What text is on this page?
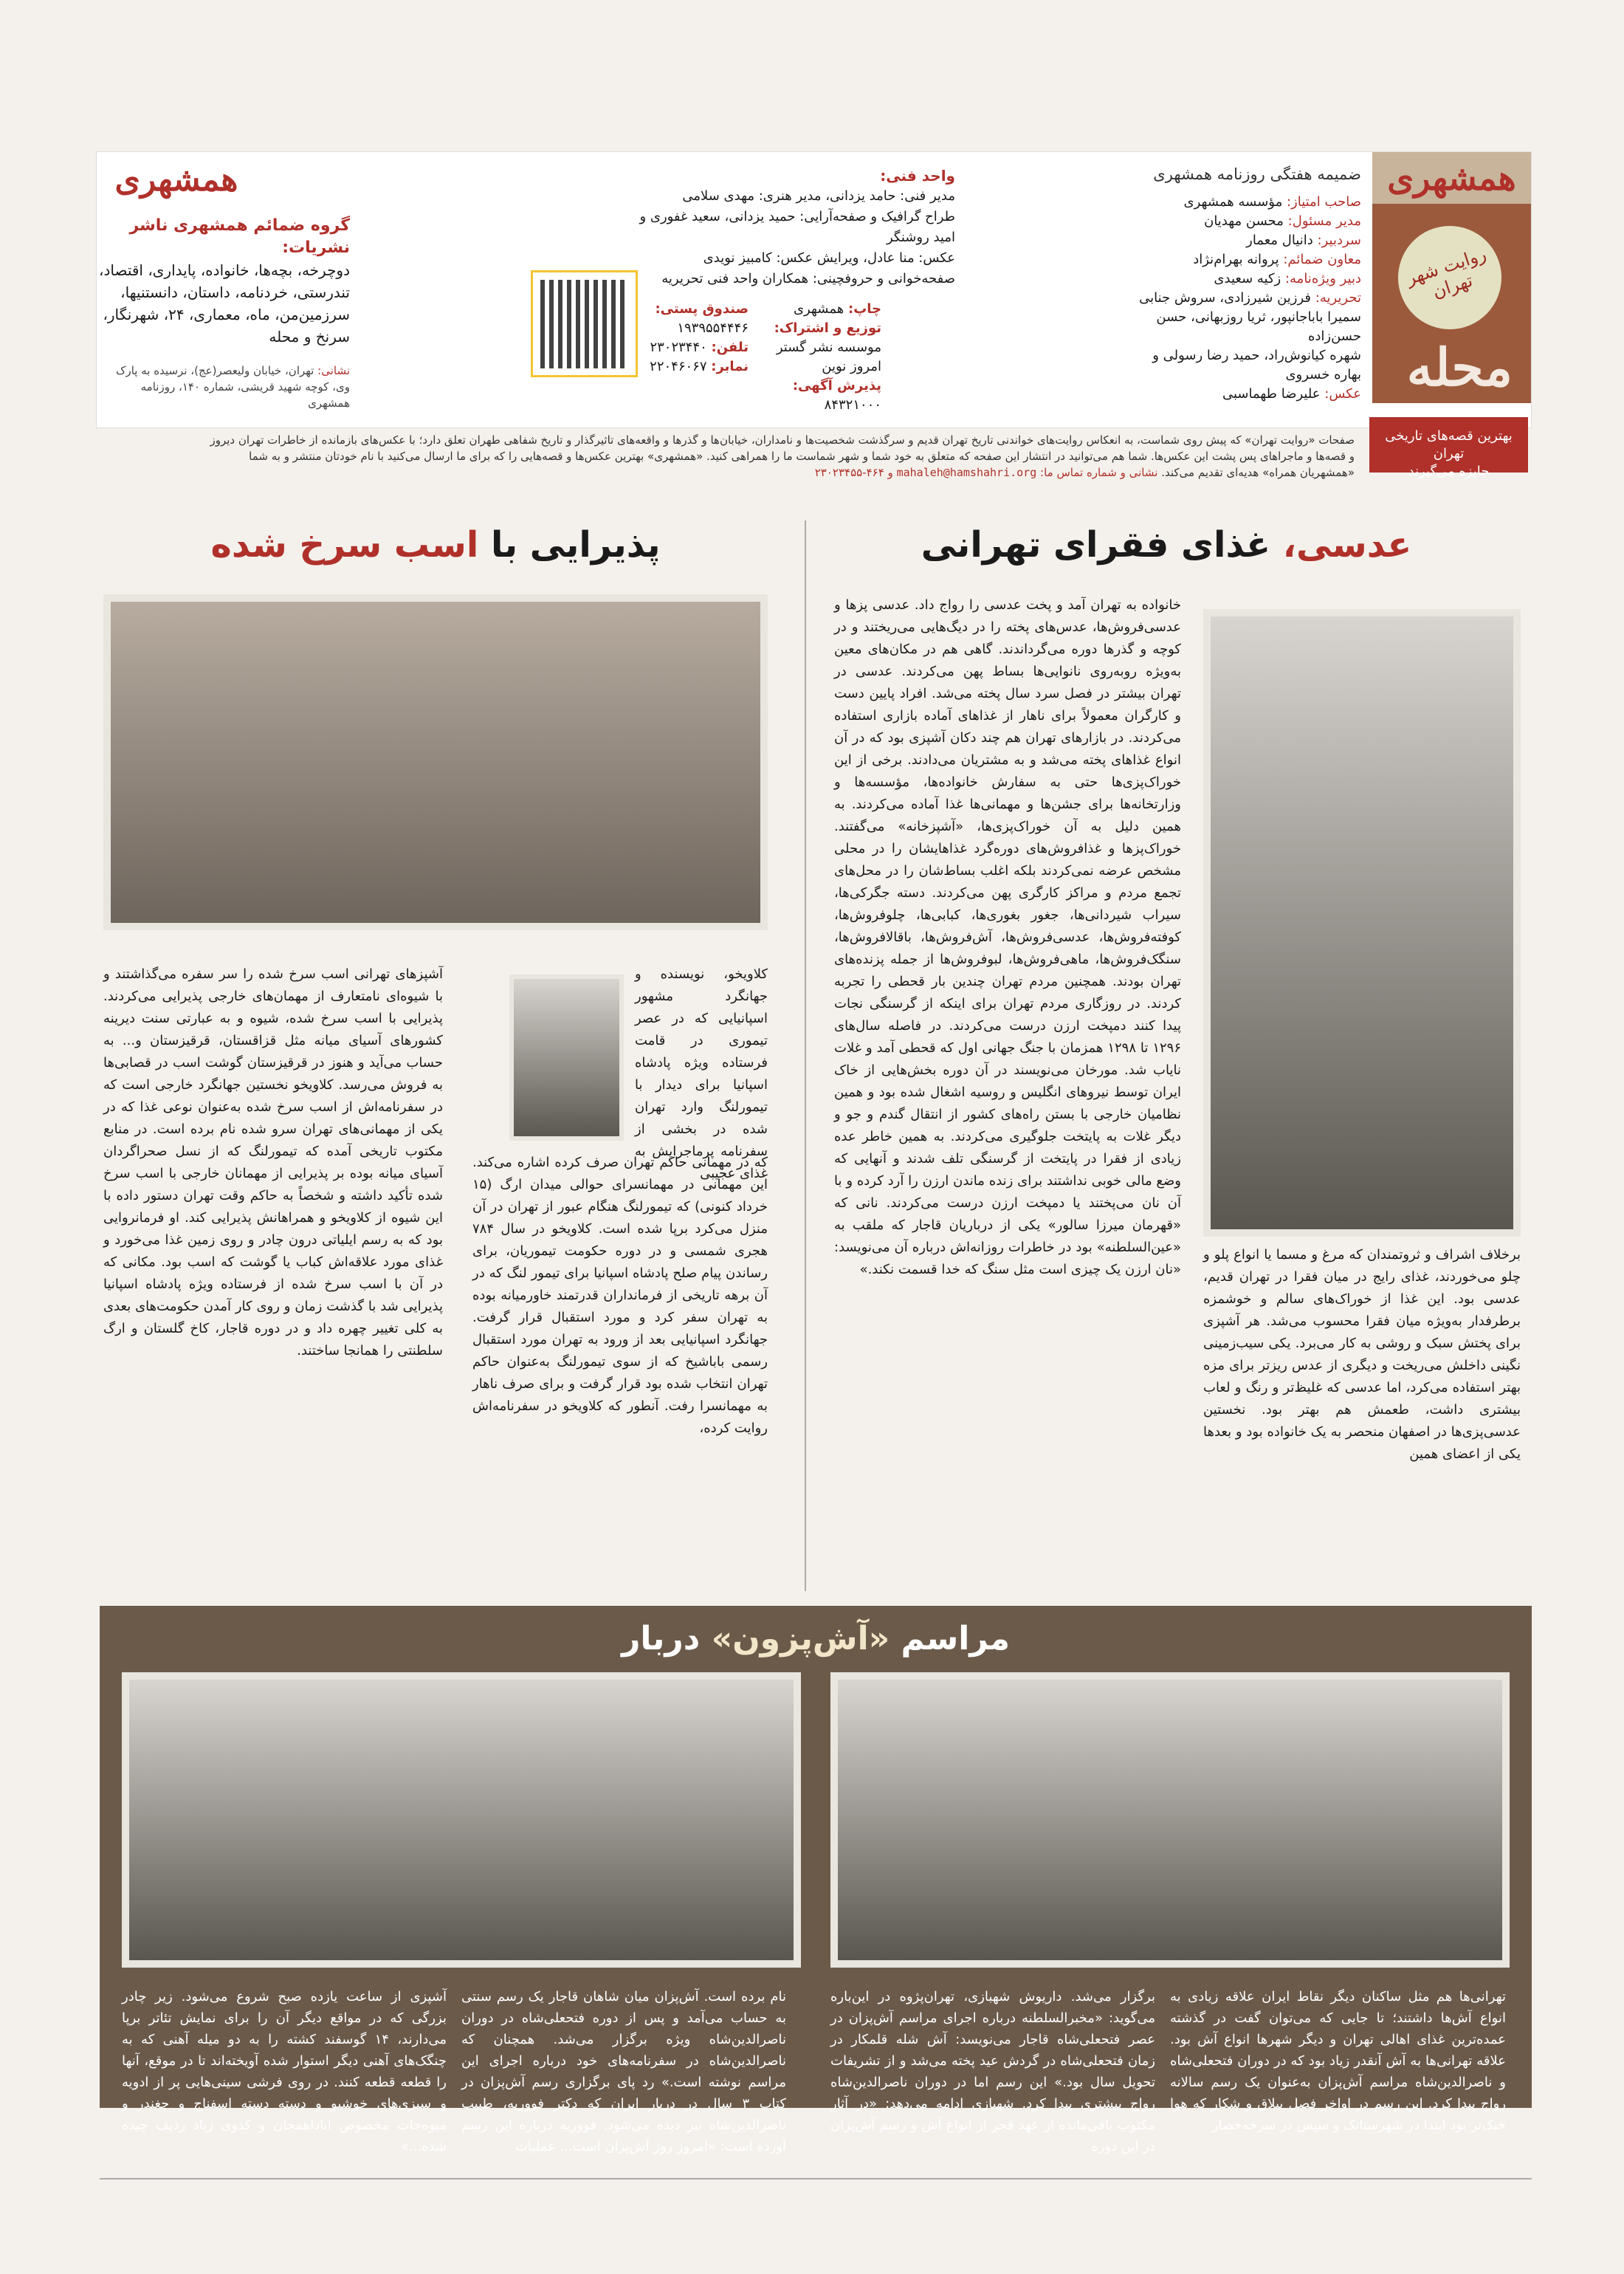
همشهری
روایت شهر تهران
محله
ضمیمه هفتگی روزنامه همشهری
صاحب امتیاز: مؤسسه همشهری
مدیر مسئول: محسن مهدیان
سردبیر: دانیال معمار
معاون ضمائم: پروانه بهرام‌نژاد
دبیر ویژه‌نامه: زکیه سعیدی
تحریریه: فرزین شیرزادی، سروش جنابی
سمیرا باباجانپور، ثریا روزبهانی، حسن حسن‌زاده
شهره کیانوش‌راد، حمید رضا رسولی و بهاره خسروی
عکس: علیرضا طهماسبی
واحد فنی:
مدیر فنی: حامد یزدانی، مدیر هنری: مهدی سلامی
طراح گرافیک و صفحه‌آرایی: حمید یزدانی، سعید غفوری و امید روشنگر
عکس: منا عادل، ویرایش عکس: کامبیز نویدی
صفحه‌خوانی و حروفچینی: همکاران واحد فنی تحریریه
صندوق پستی:
۱۹۳۹۵۵۴۴۴۶
تلفن: ۲۳۰۲۳۴۴۰
نمابر: ۲۲۰۴۶۰۶۷
چاپ: همشهری
توزیع و اشتراک:
موسسه نشر گستر امروز نوین
پذیرش آگهی: ۸۴۳۲۱۰۰۰
همشهری
گروه ضمائم همشهری ناشر نشریات:
دوچرخه، بچه‌ها، خانواده، پایداری، اقتصاد، تندرستی، خردنامه، داستان، دانستنیها، سرزمین‌من، ماه، معماری، ۲۴، شهرنگار، سرنخ و محله
نشانی: تهران، خیابان ولیعصر(عج)، نرسیده به پارک وی، کوچه شهید قریشی، شماره ۱۴۰، روزنامه همشهری
بهترین قصه‌های تاریخی تهران
جایزه می‌گیرند
صفحات «روایت تهران» که پیش روی شماست، به انعکاس روایت‌های خواندنی تاریخ تهران قدیم و سرگذشت شخصیت‌ها و نامداران، خیابان‌ها و گذرها و واقعه‌های تاثیرگذار و تاریخ شفاهی طهران تعلق دارد؛ با عکس‌های بازمانده از خاطرات تهران دیروز و قصه‌ها و ماجراهای پس پشت این عکس‌ها. شما هم می‌توانید در انتشار این صفحه که متعلق به خود شما و شهر شماست ما را همراهی کنید. «همشهری» بهترین عکس‌ها و قصه‌هایی را که برای ما ارسال می‌کنید با نام خودتان منتشر و به شما «همشهریان همراه» هدیه‌ای تقدیم می‌کند. نشانی و شماره تماس ما: mahaleh@hamshahri.org و ۴۶۴-۲۳۰۲۳۴۵۵
عدسی، غذای فقرای تهرانی
خانواده به تهران آمد و پخت عدسی را رواج داد. عدسی پزها و عدسی‌فروش‌ها، عدس‌های پخته را در دیگ‌هایی می‌ریختند و در کوچه و گذرها دوره می‌گرداندند. گاهی هم در مکان‌های معین به‌ویژه روبه‌روی نانوایی‌ها بساط پهن می‌کردند. عدسی در تهران بیشتر در فصل سرد سال پخته می‌شد. افراد پایین دست و کارگران معمولاً برای ناهار از غذاهای آماده بازاری استفاده می‌کردند. در بازارهای تهران هم چند دکان آشپزی بود که در آن انواع غذاهای پخته می‌شد و به مشتریان می‌دادند. برخی از این خوراک‌پزی‌ها حتی به سفارش خانواده‌ها، مؤسسه‌ها و وزارتخانه‌ها برای جشن‌ها و مهمانی‌ها غذا آماده می‌کردند. به همین دلیل به آن خوراک‌پزی‌ها، «آشپزخانه» می‌گفتند. خوراک‌پزها و غذافروش‌های دوره‌گرد غذاهایشان را در محلی مشخص عرضه نمی‌کردند بلکه اغلب بساط‌شان را در محل‌های تجمع مردم و مراکز کارگری پهن می‌کردند. دسته جگرکی‌ها، سیراب شیردانی‌ها، جغور بغوری‌ها، کبابی‌ها، چلوفروش‌ها، کوفته‌فروش‌ها، عدسی‌فروش‌ها، آش‌فروش‌ها، باقالافروش‌ها، سنگک‌فروش‌ها، ماهی‌فروش‌ها، لبوفروش‌ها از جمله پزنده‌های تهران بودند. همچنین مردم تهران چندین بار قحطی را تجربه کردند. در روزگاری مردم تهران برای اینکه از گرسنگی نجات پیدا کنند دمپخت ارزن درست می‌کردند. در فاصله سال‌های ۱۲۹۶ تا ۱۲۹۸ همزمان با جنگ جهانی اول که قحطی آمد و غلات نایاب شد. مورخان می‌نویسند در آن دوره بخش‌هایی از خاک ایران توسط نیروهای انگلیس و روسیه اشغال شده بود و همین نظامیان خارجی با بستن راه‌های کشور از انتقال گندم و جو و دیگر غلات به پایتخت جلوگیری می‌کردند. به همین خاطر عده زیادی از فقرا در پایتخت از گرسنگی تلف شدند و آنهایی که وضع مالی خوبی نداشتند برای زنده ماندن ارزن را آرد کرده و با آن نان می‌پختند یا دمپخت ارزن درست می‌کردند. نانی که «قهرمان میرزا سالور» یکی از درباریان قاجار که ملقب به «عین‌السلطنه» بود در خاطرات روزانه‌اش درباره آن می‌نویسد: «نان ارزن یک چیزی است مثل سنگ که خدا قسمت نکند.»
برخلاف اشراف و ثروتمندان که مرغ و مسما یا انواع پلو و چلو می‌خوردند، غذای رایج در میان فقرا در تهران قدیم، عدسی بود. این غذا از خوراک‌های سالم و خوشمزه برطرفدار به‌ویژه میان فقرا محسوب می‌شد. هر آشپزی برای پختش سبک و روشی به کار می‌برد. یکی سیب‌زمینی نگینی داخلش می‌ریخت و دیگری از عدس ریزتر برای مزه بهتر استفاده می‌کرد، اما عدسی که غلیظ‌تر و رنگ و لعاب بیشتری داشت، طعمش هم بهتر بود. نخستین عدسی‌پزی‌ها در اصفهان منحصر به یک خانواده بود و بعدها یکی از اعضای همین
پذیرایی با اسب سرخ شده
آشپزهای تهرانی اسب سرخ شده را سر سفره می‌گذاشتند و با شیوه‌ای نامتعارف از مهمان‌های خارجی پذیرایی می‌کردند. پذیرایی با اسب سرخ شده، شیوه و به عبارتی سنت دیرینه کشورهای آسیای میانه مثل قزاقستان، قرقیزستان و... به حساب می‌آید و هنوز در قرقیزستان گوشت اسب در قصابی‌ها به فروش می‌رسد. کلاویخو نخستین جهانگرد خارجی است که در سفرنامه‌اش از اسب سرخ شده به‌عنوان نوعی غذا که در یکی از مهمانی‌های تهران سرو شده نام برده است. در منابع مکتوب تاریخی آمده که تیمورلنگ که از نسل صحراگردان آسیای میانه بوده بر پذیرایی از مهمانان خارجی با اسب سرخ شده تأکید داشته و شخصاً به حاکم وقت تهران دستور داده با این شیوه از کلاویخو و همراهانش پذیرایی کند. او فرمانروایی بود که به رسم ایلیاتی درون چادر و روی زمین غذا می‌خورد و غذای مورد علاقه‌اش کباب یا گوشت که اسب بود. مکانی که در آن با اسب سرخ شده از فرستاده ویژه پادشاه اسپانیا پذیرایی شد با گذشت زمان و روی کار آمدن حکومت‌های بعدی به کلی تغییر چهره داد و در دوره قاجار، کاخ گلستان و ارگ سلطنتی را همانجا ساختند.
کلاویخو، نویسنده و جهانگرد مشهور اسپانیایی که در عصر تیموری در قامت فرستاده ویژه پادشاه اسپانیا برای دیدار با تیمورلنگ وارد تهران شده در بخشی از سفرنامه پرماجرایش به غذای عجیبی
که در مهمانی حاکم تهران صرف کرده اشاره می‌کند. این مهمانی در مهمانسرای حوالی میدان ارگ (۱۵ خرداد کنونی) که تیمورلنگ هنگام عبور از تهران در آن منزل می‌کرد برپا شده است. کلاویخو در سال ۷۸۴ هجری شمسی و در دوره حکومت تیموریان، برای رساندن پیام صلح پادشاه اسپانیا برای تیمور لنگ که در آن برهه تاریخی از فرمانداران قدرتمند خاورمیانه بوده به تهران سفر کرد و مورد استقبال قرار گرفت. جهانگرد اسپانیایی بعد از ورود به تهران مورد استقبال رسمی باباشیخ که از سوی تیمورلنگ به‌عنوان حاکم تهران انتخاب شده بود قرار گرفت و برای صرف ناهار به مهمانسرا رفت. آنطور که کلاویخو در سفرنامه‌اش روایت کرده،
مراسم «آش‌پزون» دربار
تهرانی‌ها هم مثل ساکنان دیگر نقاط ایران علاقه زیادی به انواع آش‌ها داشتند؛ تا جایی که می‌توان گفت در گذشته عمده‌ترین غذای اهالی تهران و دیگر شهرها انواع آش بود. علاقه تهرانی‌ها به آش آنقدر زیاد بود که در دوران فتحعلی‌شاه و ناصرالدین‌شاه مراسم آش‌پزان به‌عنوان یک رسم سالانه رواج پیدا کرد. این رسم در اواخر فصل ییلاق و شکار که هوا خنک‌تر بود ابتدا در شهرستانک و سپس در سرخه‌حصار
برگزار می‌شد. داریوش شهبازی، تهران‌پژوه در این‌باره می‌گوید: «مخبرالسلطنه درباره اجرای مراسم آش‌پزان در عصر فتحعلی‌شاه قاجار می‌نویسد: آش شله قلمکار در زمان فتحعلی‌شاه در گردش عید پخته می‌شد و از تشریفات تحویل سال بود.» این رسم اما در دوران ناصرالدین‌شاه رواج بیشتری پیدا کرد. شهبازی ادامه می‌دهد: «در آثار مکتوب باقی‌مانده از عهد قجر از انواع آش و رسم آش‌پزان در این دوره
نام برده است. آش‌پزان میان شاهان قاجار یک رسم سنتی به حساب می‌آمد و پس از دوره فتحعلی‌شاه در دوران ناصرالدین‌شاه ویژه برگزار می‌شد. همچنان که ناصرالدین‌شاه در سفرنامه‌های خود درباره اجرای این مراسم نوشته است.» رد پای برگزاری رسم آش‌پزان در کتاب ۳ سال در دربار ایران که دکتر فووریه، طبیب ناصرالدین‌شاه نیز دیده می‌شود. فووریه درباره این رسم آورده است: «امروز روز آش‌پزان است... عملیات
آشپزی از ساعت یازده صبح شروع می‌شود. زیر چادر بزرگی که در مواقع دیگر آن را برای نمایش تئاتر برپا می‌دارند، ۱۴ گوسفند کشته را به دو میله آهنی که به چنگک‌های آهنی دیگر استوار شده آویخته‌اند تا در موقع، آنها را قطعه قطعه کنند. در روی فرشی سینی‌هایی پر از ادویه و سبزی‌های خوشبو و دسته دسته اسفناج و چغندر و میوه‌جات مخصوص اباداهمجان و کدوی زیاد ردیف چیده شده...»
